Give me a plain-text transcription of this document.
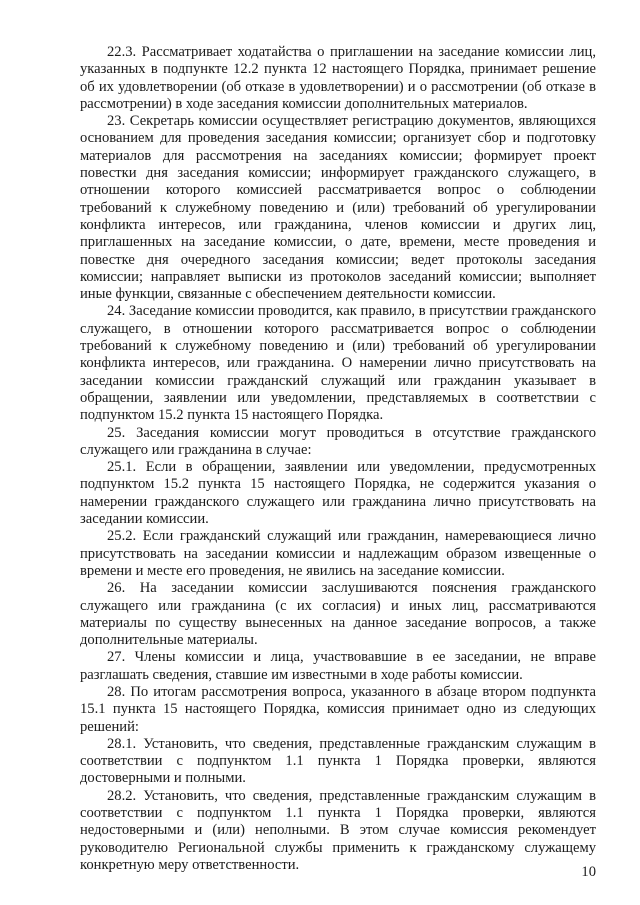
22.3. Рассматривает ходатайства о приглашении на заседание комиссии лиц, указанных в подпункте 12.2 пункта 12 настоящего Порядка, принимает решение об их удовлетворении (об отказе в удовлетворении) и о рассмотрении (об отказе в рассмотрении) в ходе заседания комиссии дополнительных материалов.

23. Секретарь комиссии осуществляет регистрацию документов, являющихся основанием для проведения заседания комиссии; организует сбор и подготовку материалов для рассмотрения на заседаниях комиссии; формирует проект повестки дня заседания комиссии; информирует гражданского служащего, в отношении которого комиссией рассматривается вопрос о соблюдении требований к служебному поведению и (или) требований об урегулировании конфликта интересов, или гражданина, членов комиссии и других лиц, приглашенных на заседание комиссии, о дате, времени, месте проведения и повестке дня очередного заседания комиссии; ведет протоколы заседания комиссии; направляет выписки из протоколов заседаний комиссии; выполняет иные функции, связанные с обеспечением деятельности комиссии.

24. Заседание комиссии проводится, как правило, в присутствии гражданского служащего, в отношении которого рассматривается вопрос о соблюдении требований к служебному поведению и (или) требований об урегулировании конфликта интересов, или гражданина. О намерении лично присутствовать на заседании комиссии гражданский служащий или гражданин указывает в обращении, заявлении или уведомлении, представляемых в соответствии с подпунктом 15.2 пункта 15 настоящего Порядка.

25. Заседания комиссии могут проводиться в отсутствие гражданского служащего или гражданина в случае:

25.1. Если в обращении, заявлении или уведомлении, предусмотренных подпунктом 15.2 пункта 15 настоящего Порядка, не содержится указания о намерении гражданского служащего или гражданина лично присутствовать на заседании комиссии.

25.2. Если гражданский служащий или гражданин, намеревающиеся лично присутствовать на заседании комиссии и надлежащим образом извещенные о времени и месте его проведения, не явились на заседание комиссии.

26. На заседании комиссии заслушиваются пояснения гражданского служащего или гражданина (с их согласия) и иных лиц, рассматриваются материалы по существу вынесенных на данное заседание вопросов, а также дополнительные материалы.

27. Члены комиссии и лица, участвовавшие в ее заседании, не вправе разглашать сведения, ставшие им известными в ходе работы комиссии.

28. По итогам рассмотрения вопроса, указанного в абзаце втором подпункта 15.1 пункта 15 настоящего Порядка, комиссия принимает одно из следующих решений:

28.1. Установить, что сведения, представленные гражданским служащим в соответствии с подпунктом 1.1 пункта 1 Порядка проверки, являются достоверными и полными.

28.2. Установить, что сведения, представленные гражданским служащим в соответствии с подпунктом 1.1 пункта 1 Порядка проверки, являются недостоверными и (или) неполными. В этом случае комиссия рекомендует руководителю Региональной службы применить к гражданскому служащему конкретную меру ответственности.	10
